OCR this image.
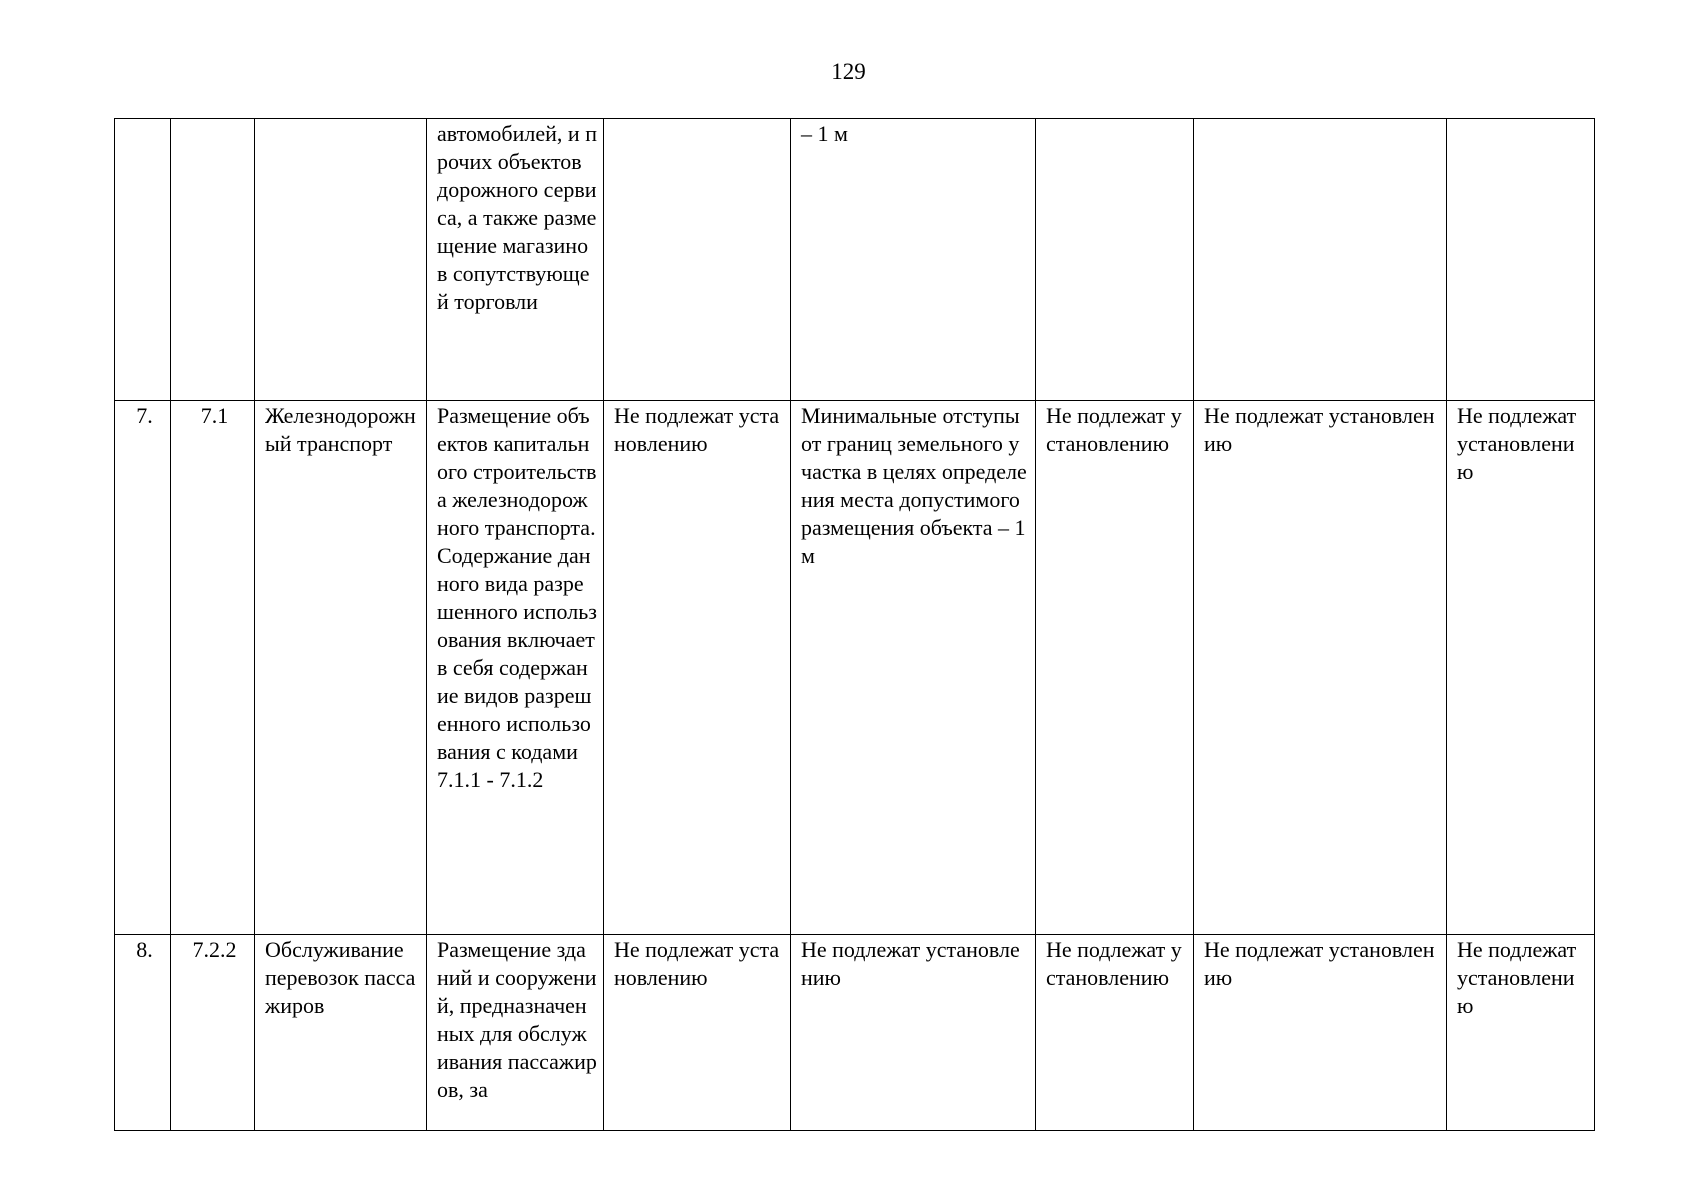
129
			автомобилей, и прочих объектов дорожного сервиса, а также размещение магазинов сопутствующей торговли		– 1 м			
7.	7.1	Железнодорожный транспорт	Размещение объектов капитального строительства железнодорожного транспорта. Содержание данного вида разрешенного использования включает в себя содержание видов разрешенного использования с кодами 7.1.1 - 7.1.2	Не подлежат установлению	Минимальные отступы от границ земельного участка в целях определения места допустимого размещения объекта – 1 м	Не подлежат установлению	Не подлежат установлению	Не подлежат установлению
8.	7.2.2	Обслуживание перевозок пассажиров	Размещение зданий и сооружений, предназначенных для обслуживания пассажиров, за	Не подлежат установлению	Не подлежат установлению	Не подлежат установлению	Не подлежат установлению	Не подлежат установлению
